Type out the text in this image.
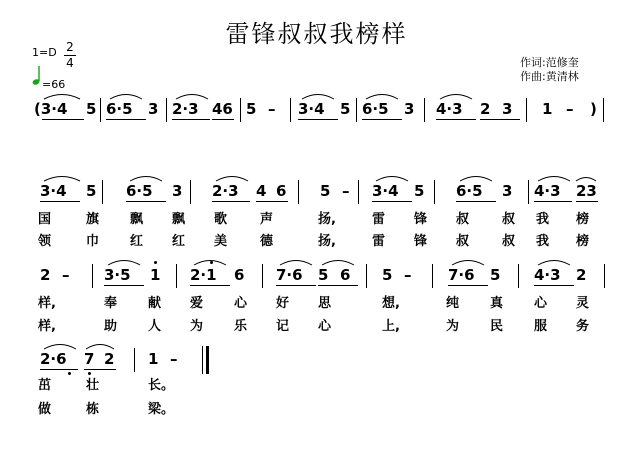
雷锋叔叔我榜样
1=D 2
4
=66
作词:范修奎
作曲:黄清林
(3·4 5 6·5 3 2·3 46 5 – 3·4 5 6·5 3 4·3 2 3 1 – )
3·4 5 6·5 3 2·3 4 6 5 – 3·4 5 6·5 3 4·3 23
国	旗 飘 飘 歌	声	扬,	雷 锋 叔	叔 我 榜
领	巾 红 红 美	德	扬,	雷 锋 叔	叔 我 榜
2 – 3·5 1 2·1 6 7·6 5 6 5 – 7·6 5 4·3 2
样,	奉 献 爱 心 好 思	想,	纯 真 心 灵
样,	助 人 为 乐 记 心	上,	为 民 服 务
2·6 7 2 1 –
茁	壮	长。
做	栋	梁。
